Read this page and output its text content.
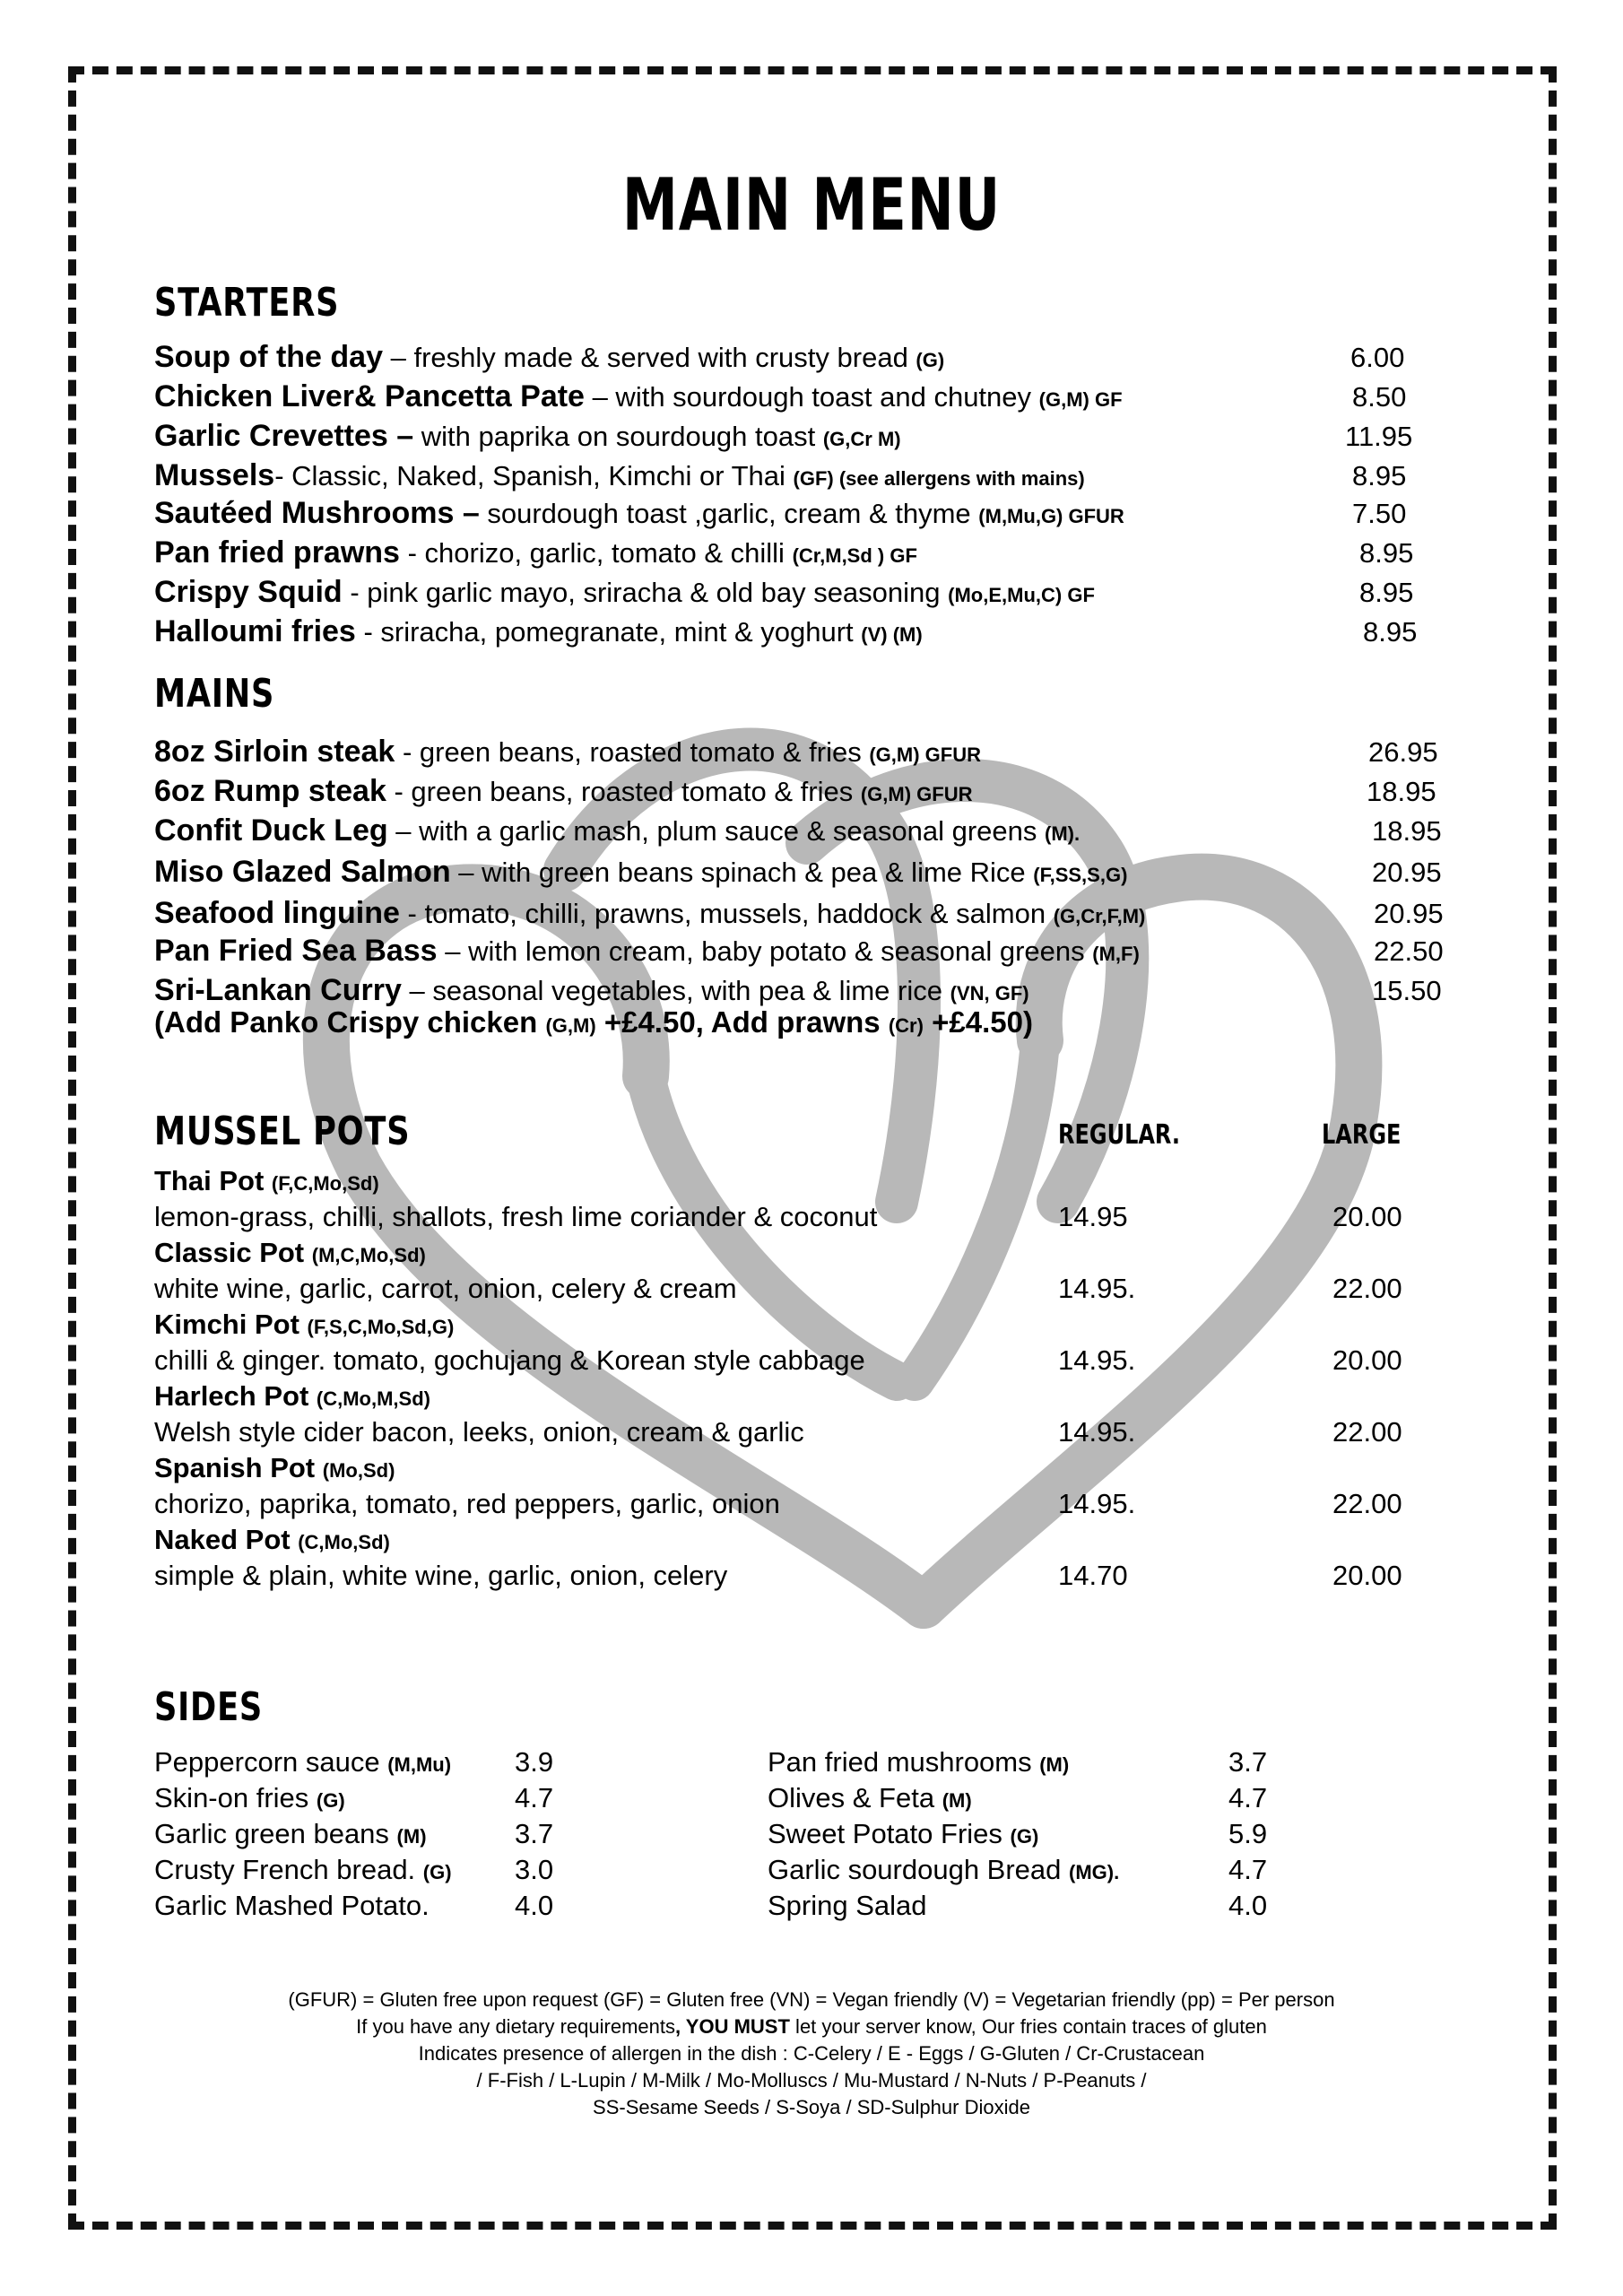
MAIN MENU
STARTERS
Soup of the day – freshly made & served with crusty bread (G)	6.00
Chicken Liver& Pancetta Pate – with sourdough toast and chutney (G,M) GF	8.50
Garlic Crevettes – with paprika on sourdough toast (G,Cr M)	11.95
Mussels- Classic, Naked, Spanish, Kimchi or Thai (GF) (see allergens with mains)	8.95
Sautéed Mushrooms – sourdough toast ,garlic, cream & thyme (M,Mu,G) GFUR	7.50
Pan fried prawns - chorizo, garlic, tomato & chilli (Cr,M,Sd ) GF	8.95
Crispy Squid - pink garlic mayo, sriracha & old bay seasoning (Mo,E,Mu,C) GF	8.95
Halloumi fries - sriracha, pomegranate, mint & yoghurt (V) (M)	8.95
MAINS
8oz Sirloin steak - green beans, roasted tomato & fries (G,M) GFUR	26.95
6oz Rump steak - green beans, roasted tomato & fries (G,M) GFUR	18.95
Confit Duck Leg – with a garlic mash, plum sauce & seasonal greens (M).	18.95
Miso Glazed Salmon – with green beans spinach & pea & lime Rice (F,SS,S,G)	20.95
Seafood linguine - tomato, chilli, prawns, mussels, haddock & salmon (G,Cr,F,M)	20.95
Pan Fried Sea Bass – with lemon cream, baby potato & seasonal greens (M,F)	22.50
Sri-Lankan Curry – seasonal vegetables, with pea & lime rice (VN, GF)	15.50
(Add Panko Crispy chicken (G,M) +£4.50, Add prawns (Cr) +£4.50)
MUSSEL POTS	REGULAR.	LARGE
Thai Pot (F,C,Mo,Sd)
lemon-grass, chilli, shallots, fresh lime coriander & coconut	14.95	20.00
Classic Pot (M,C,Mo,Sd)
white wine, garlic, carrot, onion, celery & cream	14.95.	22.00
Kimchi Pot (F,S,C,Mo,Sd,G)
chilli & ginger. tomato, gochujang & Korean style cabbage	14.95.	20.00
Harlech Pot (C,Mo,M,Sd)
Welsh style cider bacon, leeks, onion, cream & garlic	14.95.	22.00
Spanish Pot (Mo,Sd)
chorizo, paprika, tomato, red peppers, garlic, onion	14.95.	22.00
Naked Pot (C,Mo,Sd)
simple & plain, white wine, garlic, onion, celery	14.70	20.00
SIDES
Peppercorn sauce (M,Mu) 3.9
Skin-on fries (G)	4.7
Garlic green beans (M)	3.7
Crusty French bread. (G) 3.0
Garlic Mashed Potato.	4.0
Pan fried mushrooms (M)	3.7
Olives & Feta (M)	4.7
Sweet Potato Fries (G)	5.9
Garlic sourdough Bread (MG).	4.7
Spring Salad	4.0
(GFUR) = Gluten free upon request (GF) = Gluten free (VN) = Vegan friendly (V) = Vegetarian friendly (pp) = Per person
If you have any dietary requirements, YOU MUST let your server know, Our fries contain traces of gluten
Indicates presence of allergen in the dish : C-Celery / E - Eggs / G-Gluten / Cr-Crustacean
/ F-Fish / L-Lupin / M-Milk / Mo-Molluscs / Mu-Mustard / N-Nuts / P-Peanuts /
SS-Sesame Seeds / S-Soya / SD-Sulphur Dioxide
